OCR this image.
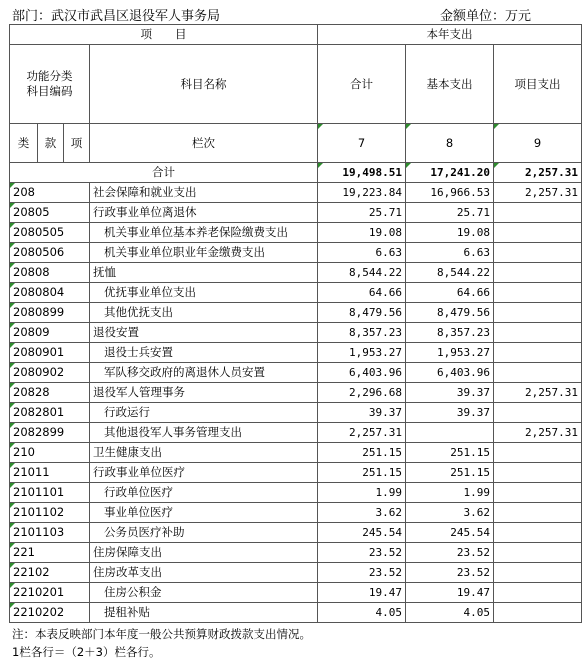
部门：武汉市武昌区退役军人事务局	金额单位：万元
项　　目				本年支出		
功能分类
科目编码			科目名称	合计	基本支出	项目支出
类	款	项				
			栏次	7	8	9
合计				19,498.51	17,241.20	2,257.31
208			社会保障和就业支出	19,223.84	16,966.53	2,257.31
20805			行政事业单位离退休	25.71	25.71	
2080505			机关事业单位基本养老保险缴费支出	19.08	19.08	
2080506			机关事业单位职业年金缴费支出	6.63	6.63	
20808			抚恤	8,544.22	8,544.22	
2080804			优抚事业单位支出	64.66	64.66	
2080899			其他优抚支出	8,479.56	8,479.56	
20809			退役安置	8,357.23	8,357.23	
2080901			退役士兵安置	1,953.27	1,953.27	
2080902			军队移交政府的离退休人员安置	6,403.96	6,403.96	
20828			退役军人管理事务	2,296.68	39.37	2,257.31
2082801			行政运行	39.37	39.37	
2082899			其他退役军人事务管理支出	2,257.31		2,257.31
210			卫生健康支出	251.15	251.15	
21011			行政事业单位医疗	251.15	251.15	
2101101			行政单位医疗	1.99	1.99	
2101102			事业单位医疗	3.62	3.62	
2101103			公务员医疗补助	245.54	245.54	
221			住房保障支出	23.52	23.52	
22102			住房改革支出	23.52	23.52	
2210201			住房公积金	19.47	19.47	
2210202			提租补贴	4.05	4.05	
注：本表反映部门本年度一般公共预算财政拨款支出情况。
1栏各行＝（2＋3）栏各行。
